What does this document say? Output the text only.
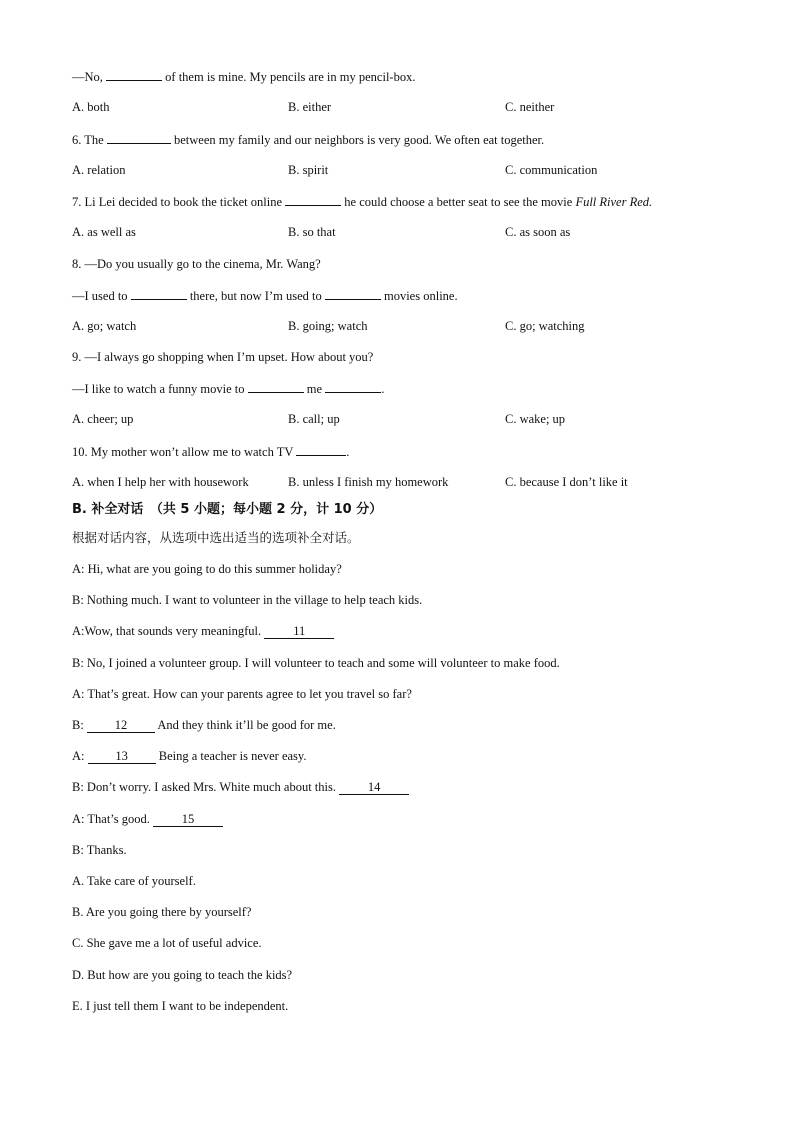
—No,	of them is mine. My pencils are in my pencil-box.
A. both	B. either	C. neither
6. The	between my family and our neighbors is very good. We often eat together.
A. relation	B. spirit	C. communication
7. Li Lei decided to book the ticket online	he could choose a better seat to see the movie Full River Red.
A. as well as	B. so that	C. as soon as
8. —Do you usually go to the cinema, Mr. Wang?
—I used to	there, but now I’m used to	movies online.
A. go; watch	B. going; watch	C. go; watching
9. —I always go shopping when I’m upset. How about you?
—I like to watch a funny movie to	me	.
A. cheer; up	B. call; up	C. wake; up
10. My mother won’t allow me to watch TV	.
A. when I help her with housework	B. unless I finish my homework	C. because I don’t like it
B. 补全对话　（共 5 小题；每小题 2 分，计 10 分）
根据对话内容，从选项中选出适当的选项补全对话。
A: Hi, what are you going to do this summer holiday?
B: Nothing much. I want to volunteer in the village to help teach kids.
A:Wow, that sounds very meaningful. 11
B: No, I joined a volunteer group. I will volunteer to teach and some will volunteer to make food.
A: That’s great. How can your parents agree to let you travel so far?
B: 12 And they think it’ll be good for me.
A: 13 Being a teacher is never easy.
B: Don’t worry. I asked Mrs. White much about this. 14
A: That’s good. 15
B: Thanks.
A. Take care of yourself.
B. Are you going there by yourself?
C. She gave me a lot of useful advice.
D. But how are you going to teach the kids?
E. I just tell them I want to be independent.
